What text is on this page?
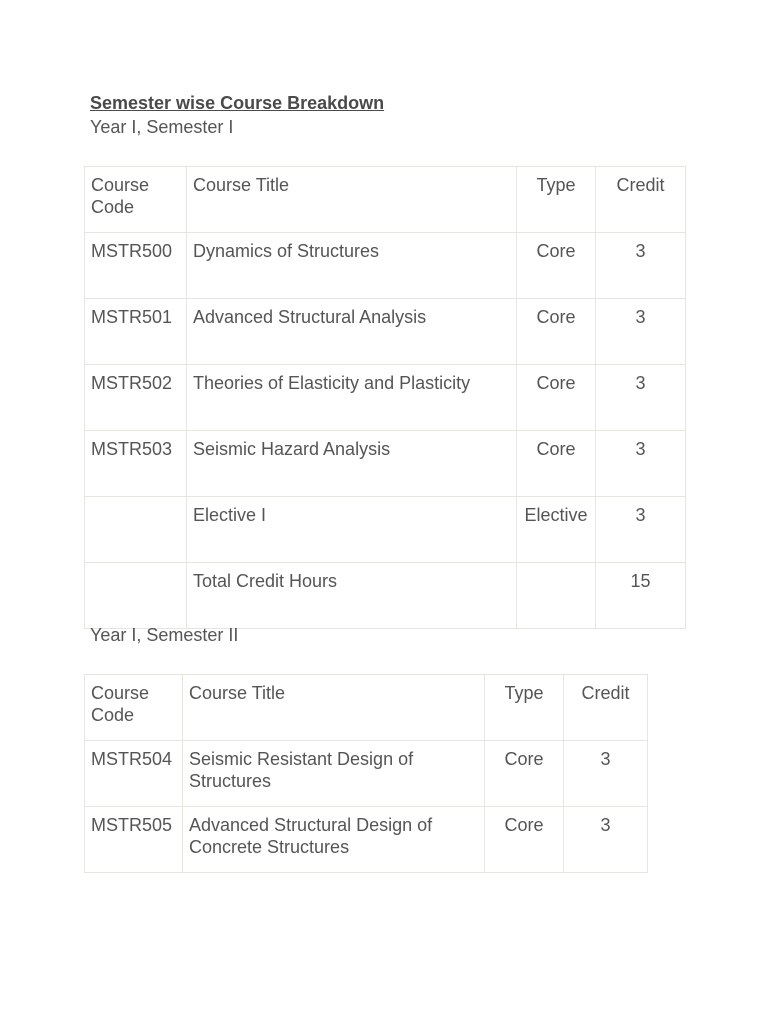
Semester wise Course Breakdown

Year I, Semester I

Course Code	Course Title	Type	Credit
MSTR500	Dynamics of Structures	Core	3
MSTR501	Advanced Structural Analysis	Core	3
MSTR502	Theories of Elasticity and Plasticity	Core	3
MSTR503	Seismic Hazard Analysis	Core	3
	Elective I	Elective	3
	Total Credit Hours		15

Year I, Semester II

Course Code	Course Title	Type	Credit
MSTR504	Seismic Resistant Design of Structures	Core	3
MSTR505	Advanced Structural Design of Concrete Structures	Core	3
